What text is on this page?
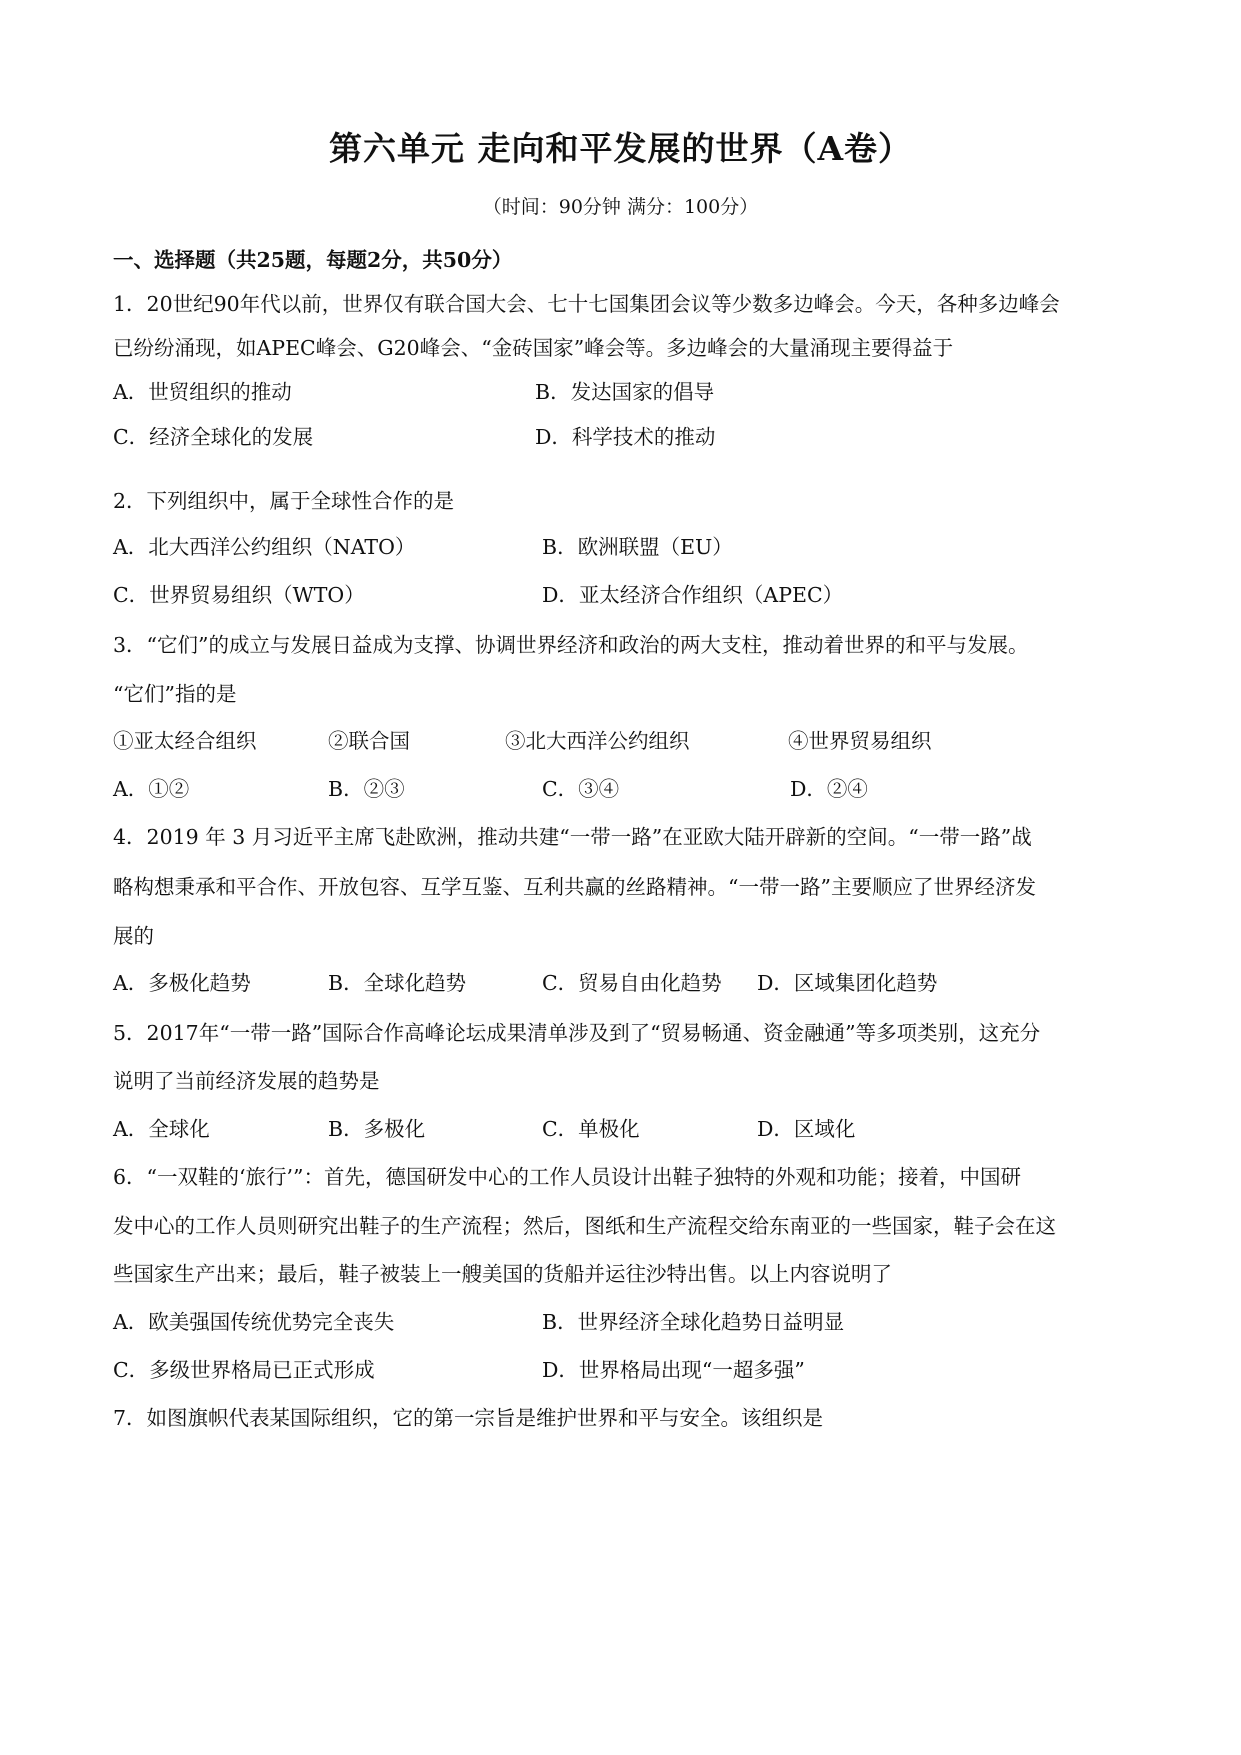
第六单元 走向和平发展的世界（A卷）
（时间：90分钟 满分：100分）
一、选择题（共25题，每题2分，共50分）
1．20世纪90年代以前，世界仅有联合国大会、七十七国集团会议等少数多边峰会。今天，各种多边峰会
已纷纷涌现，如APEC峰会、G20峰会、“金砖国家”峰会等。多边峰会的大量涌现主要得益于
A．世贸组织的推动	B．发达国家的倡导
C．经济全球化的发展	D．科学技术的推动
2．下列组织中，属于全球性合作的是
A．北大西洋公约组织（NATO）	B．欧洲联盟（EU）
C．世界贸易组织（WTO）	D．亚太经济合作组织（APEC）
3．“它们”的成立与发展日益成为支撑、协调世界经济和政治的两大支柱，推动着世界的和平与发展。
“它们”指的是
①亚太经合组织	②联合国	③北大西洋公约组织	④世界贸易组织
A．①②	B．②③	C．③④	D．②④
4．2019 年 3 月习近平主席飞赴欧洲，推动共建“一带一路”在亚欧大陆开辟新的空间。“一带一路”战
略构想秉承和平合作、开放包容、互学互鉴、互利共赢的丝路精神。“一带一路”主要顺应了世界经济发
展的
A．多极化趋势	B．全球化趋势	C．贸易自由化趋势 D．区域集团化趋势
5．2017年“一带一路”国际合作高峰论坛成果清单涉及到了“贸易畅通、资金融通”等多项类别，这充分
说明了当前经济发展的趋势是
A．全球化	B．多极化	C．单极化	D．区域化
6．“一双鞋的‘旅行’”：首先，德国研发中心的工作人员设计出鞋子独特的外观和功能；接着，中国研
发中心的工作人员则研究出鞋子的生产流程；然后，图纸和生产流程交给东南亚的一些国家，鞋子会在这
些国家生产出来；最后，鞋子被装上一艘美国的货船并运往沙特出售。以上内容说明了
A．欧美强国传统优势完全丧失	B．世界经济全球化趋势日益明显
C．多级世界格局已正式形成	D．世界格局出现“一超多强”
7．如图旗帜代表某国际组织，它的第一宗旨是维护世界和平与安全。该组织是
